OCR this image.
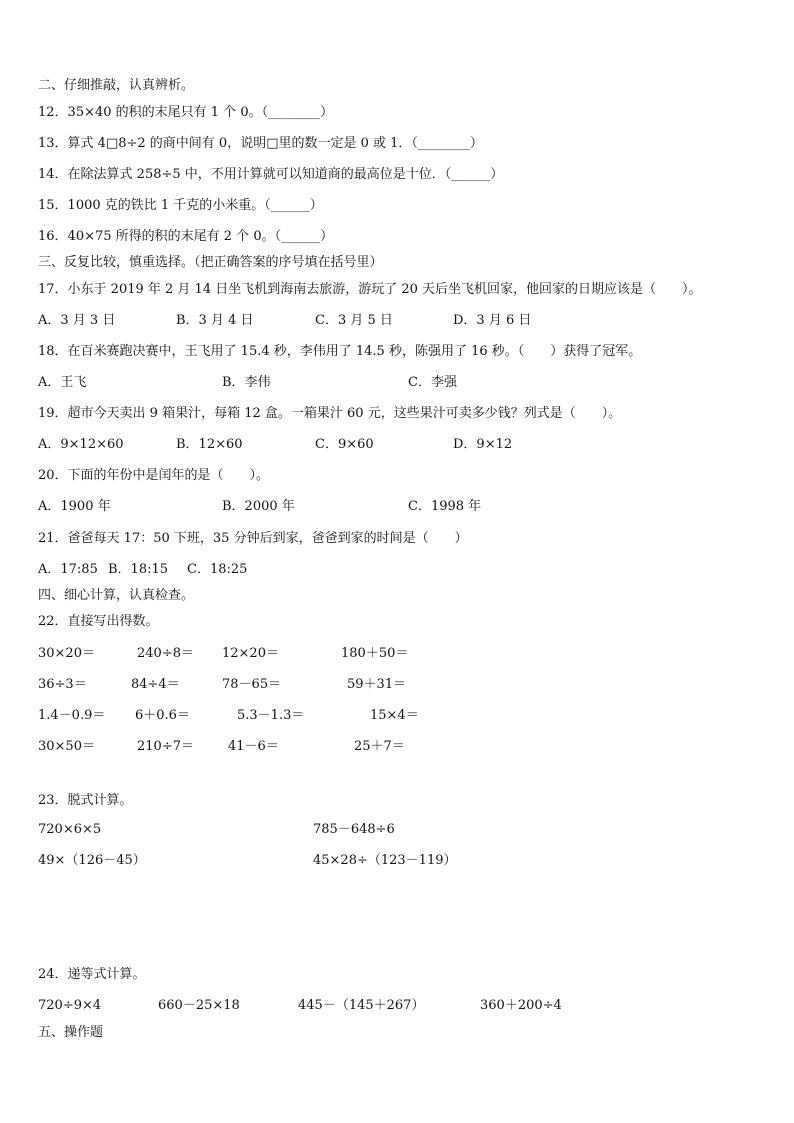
二、仔细推敲，认真辨析。
12．35×40 的积的末尾只有 1 个 0。（________）
13．算式 4□8÷2 的商中间有 0，说明□里的数一定是 0 或 1．（________）
14．在除法算式 258÷5 中，不用计算就可以知道商的最高位是十位．（______）
15．1000 克的铁比 1 千克的小米重。（______）
16．40×75 所得的积的末尾有 2 个 0。（______）
三、反复比较，慎重选择。（把正确答案的序号填在括号里）
17．小东于 2019 年 2 月 14 日坐飞机到海南去旅游，游玩了 20 天后坐飞机回家，他回家的日期应该是（　　）。
A．3 月 3 日	B．3 月 4 日	C．3 月 5 日	D．3 月 6 日
18．在百米赛跑决赛中，王飞用了 15.4 秒，李伟用了 14.5 秒，陈强用了 16 秒。（　　）获得了冠军。
A．王飞	B．李伟	C．李强
19．超市今天卖出 9 箱果汁，每箱 12 盒。一箱果汁 60 元，这些果汁可卖多少钱？列式是（　　）。
A．9×12×60	B．12×60	C．9×60	D．9×12
20．下面的年份中是闰年的是（　　）。
A．1900 年	B．2000 年	C．1998 年
21．爸爸每天 17：50 下班，35 分钟后到家，爸爸到家的时间是（　　）
A．17:85 B．18:15 C．18:25
四、细心计算，认真检查。
22．直接写出得数。
30×20＝	240÷8＝ 12×20＝	180＋50＝
36÷3＝	84÷4＝	78－65＝	59＋31＝
1.4－0.9＝ 6＋0.6＝	5.3－1.3＝	15×4＝
30×50＝	210÷7＝	41－6＝	25＋7＝
23．脱式计算。
720×6×5	785－648÷6
49×（126－45）	45×28÷（123－119）
24．递等式计算。
720÷9×4	660－25×18	445－（145＋267）	360＋200÷4
五、操作题
